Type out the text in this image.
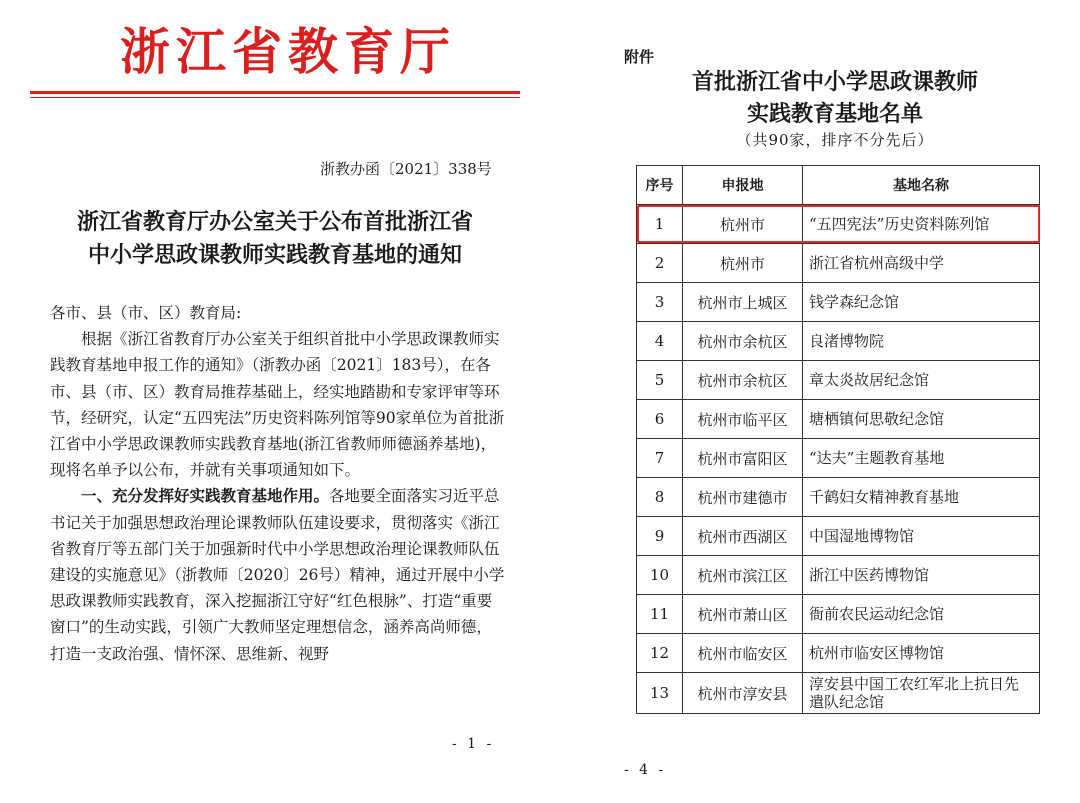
浙江省教育厅
浙教办函〔2021〕338号
浙江省教育厅办公室关于公布首批浙江省
中小学思政课教师实践教育基地的通知

各市、县（市、区）教育局:

根据《浙江省教育厅办公室关于组织首批中小学思政课教师实践教育基地申报工作的通知》（浙教办函〔2021〕183号），在各市、县（市、区）教育局推荐基础上，经实地踏勘和专家评审等环节，经研究，认定“五四宪法”历史资料陈列馆等90家单位为首批浙江省中小学思政课教师实践教育基地(浙江省教师师德涵养基地)，现将名单予以公布，并就有关事项通知如下。

一、充分发挥好实践教育基地作用。各地要全面落实习近平总书记关于加强思想政治理论课教师队伍建设要求，贯彻落实《浙江省教育厅等五部门关于加强新时代中小学思想政治理论课教师队伍建设的实施意见》（浙教师〔2020〕26号）精神，通过开展中小学思政课教师实践教育，深入挖掘浙江守好“红色根脉”、打造“重要窗口”的生动实践，引领广大教师坚定理想信念，涵养高尚师德，打造一支政治强、情怀深、思维新、视野

- 1 -
附件
首批浙江省中小学思政课教师
实践教育基地名单
（共90家，排序不分先后）
序号	申报地	基地名称
1	杭州市	“五四宪法”历史资料陈列馆
2	杭州市	浙江省杭州高级中学
3	杭州市上城区	钱学森纪念馆
4	杭州市余杭区	良渚博物院
5	杭州市余杭区	章太炎故居纪念馆
6	杭州市临平区	塘栖镇何思敬纪念馆
7	杭州市富阳区	“达夫”主题教育基地
8	杭州市建德市	千鹤妇女精神教育基地
9	杭州市西湖区	中国湿地博物馆
10	杭州市滨江区	浙江中医药博物馆
11	杭州市萧山区	衙前农民运动纪念馆
12	杭州市临安区	杭州市临安区博物馆
13	杭州市淳安县	淳安县中国工农红军北上抗日先遣队纪念馆
- 4 -
